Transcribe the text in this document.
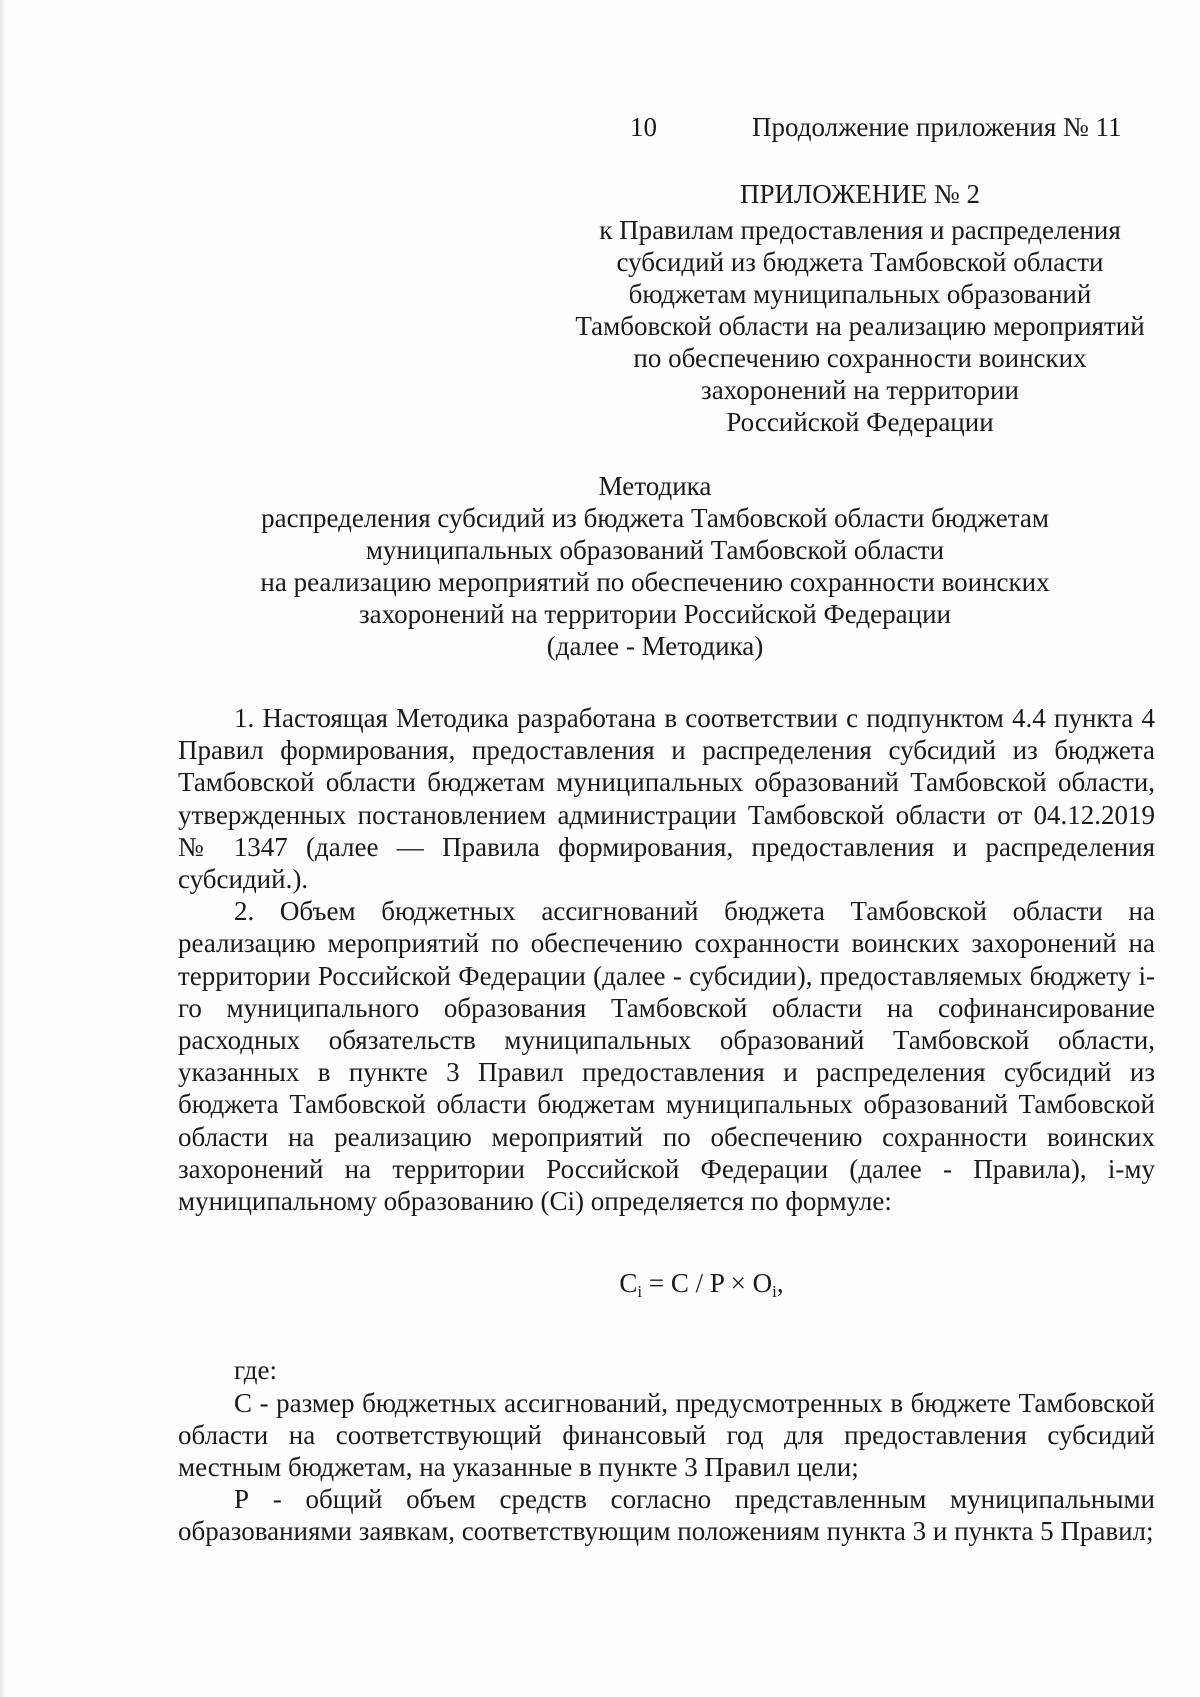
10	Продолжение приложения № 11
ПРИЛОЖЕНИЕ № 2
к Правилам предоставления и распределения
субсидий из бюджета Тамбовской области
бюджетам муниципальных образований
Тамбовской области на реализацию мероприятий
по обеспечению сохранности воинских
захоронений на территории
Российской Федерации
Методика
распределения субсидий из бюджета Тамбовской области бюджетам
муниципальных образований Тамбовской области
на реализацию мероприятий по обеспечению сохранности воинских
захоронений на территории Российской Федерации
(далее - Методика)

1. Настоящая Методика разработана в соответствии с подпунктом 4.4 пункта 4 Правил формирования, предоставления и распределения субсидий из бюджета Тамбовской области бюджетам муниципальных образований Тамбовской области, утвержденных постановлением администрации Тамбовской области от 04.12.2019 № 1347 (далее — Правила формирования, предоставления и распределения субсидий.).

2. Объем бюджетных ассигнований бюджета Тамбовской области на реализацию мероприятий по обеспечению сохранности воинских захоронений на территории Российской Федерации (далее - субсидии), предоставляемых бюджету i-го муниципального образования Тамбовской области на софинансирование расходных обязательств муниципальных образований Тамбовской области, указанных в пункте 3 Правил предоставления и распределения субсидий из бюджета Тамбовской области бюджетам муниципальных образований Тамбовской области на реализацию мероприятий по обеспечению сохранности воинских захоронений на территории Российской Федерации (далее - Правила), i-му муниципальному образованию (Сi) определяется по формуле:

$C_i = C / P \times O_i$,

где:

С - размер бюджетных ассигнований, предусмотренных в бюджете Тамбовской области на соответствующий финансовый год для предоставления субсидий местным бюджетам, на указанные в пункте 3 Правил цели;

Р - общий объем средств согласно представленным муниципальными образованиями заявкам, соответствующим положениям пункта 3 и пункта 5 Правил;
